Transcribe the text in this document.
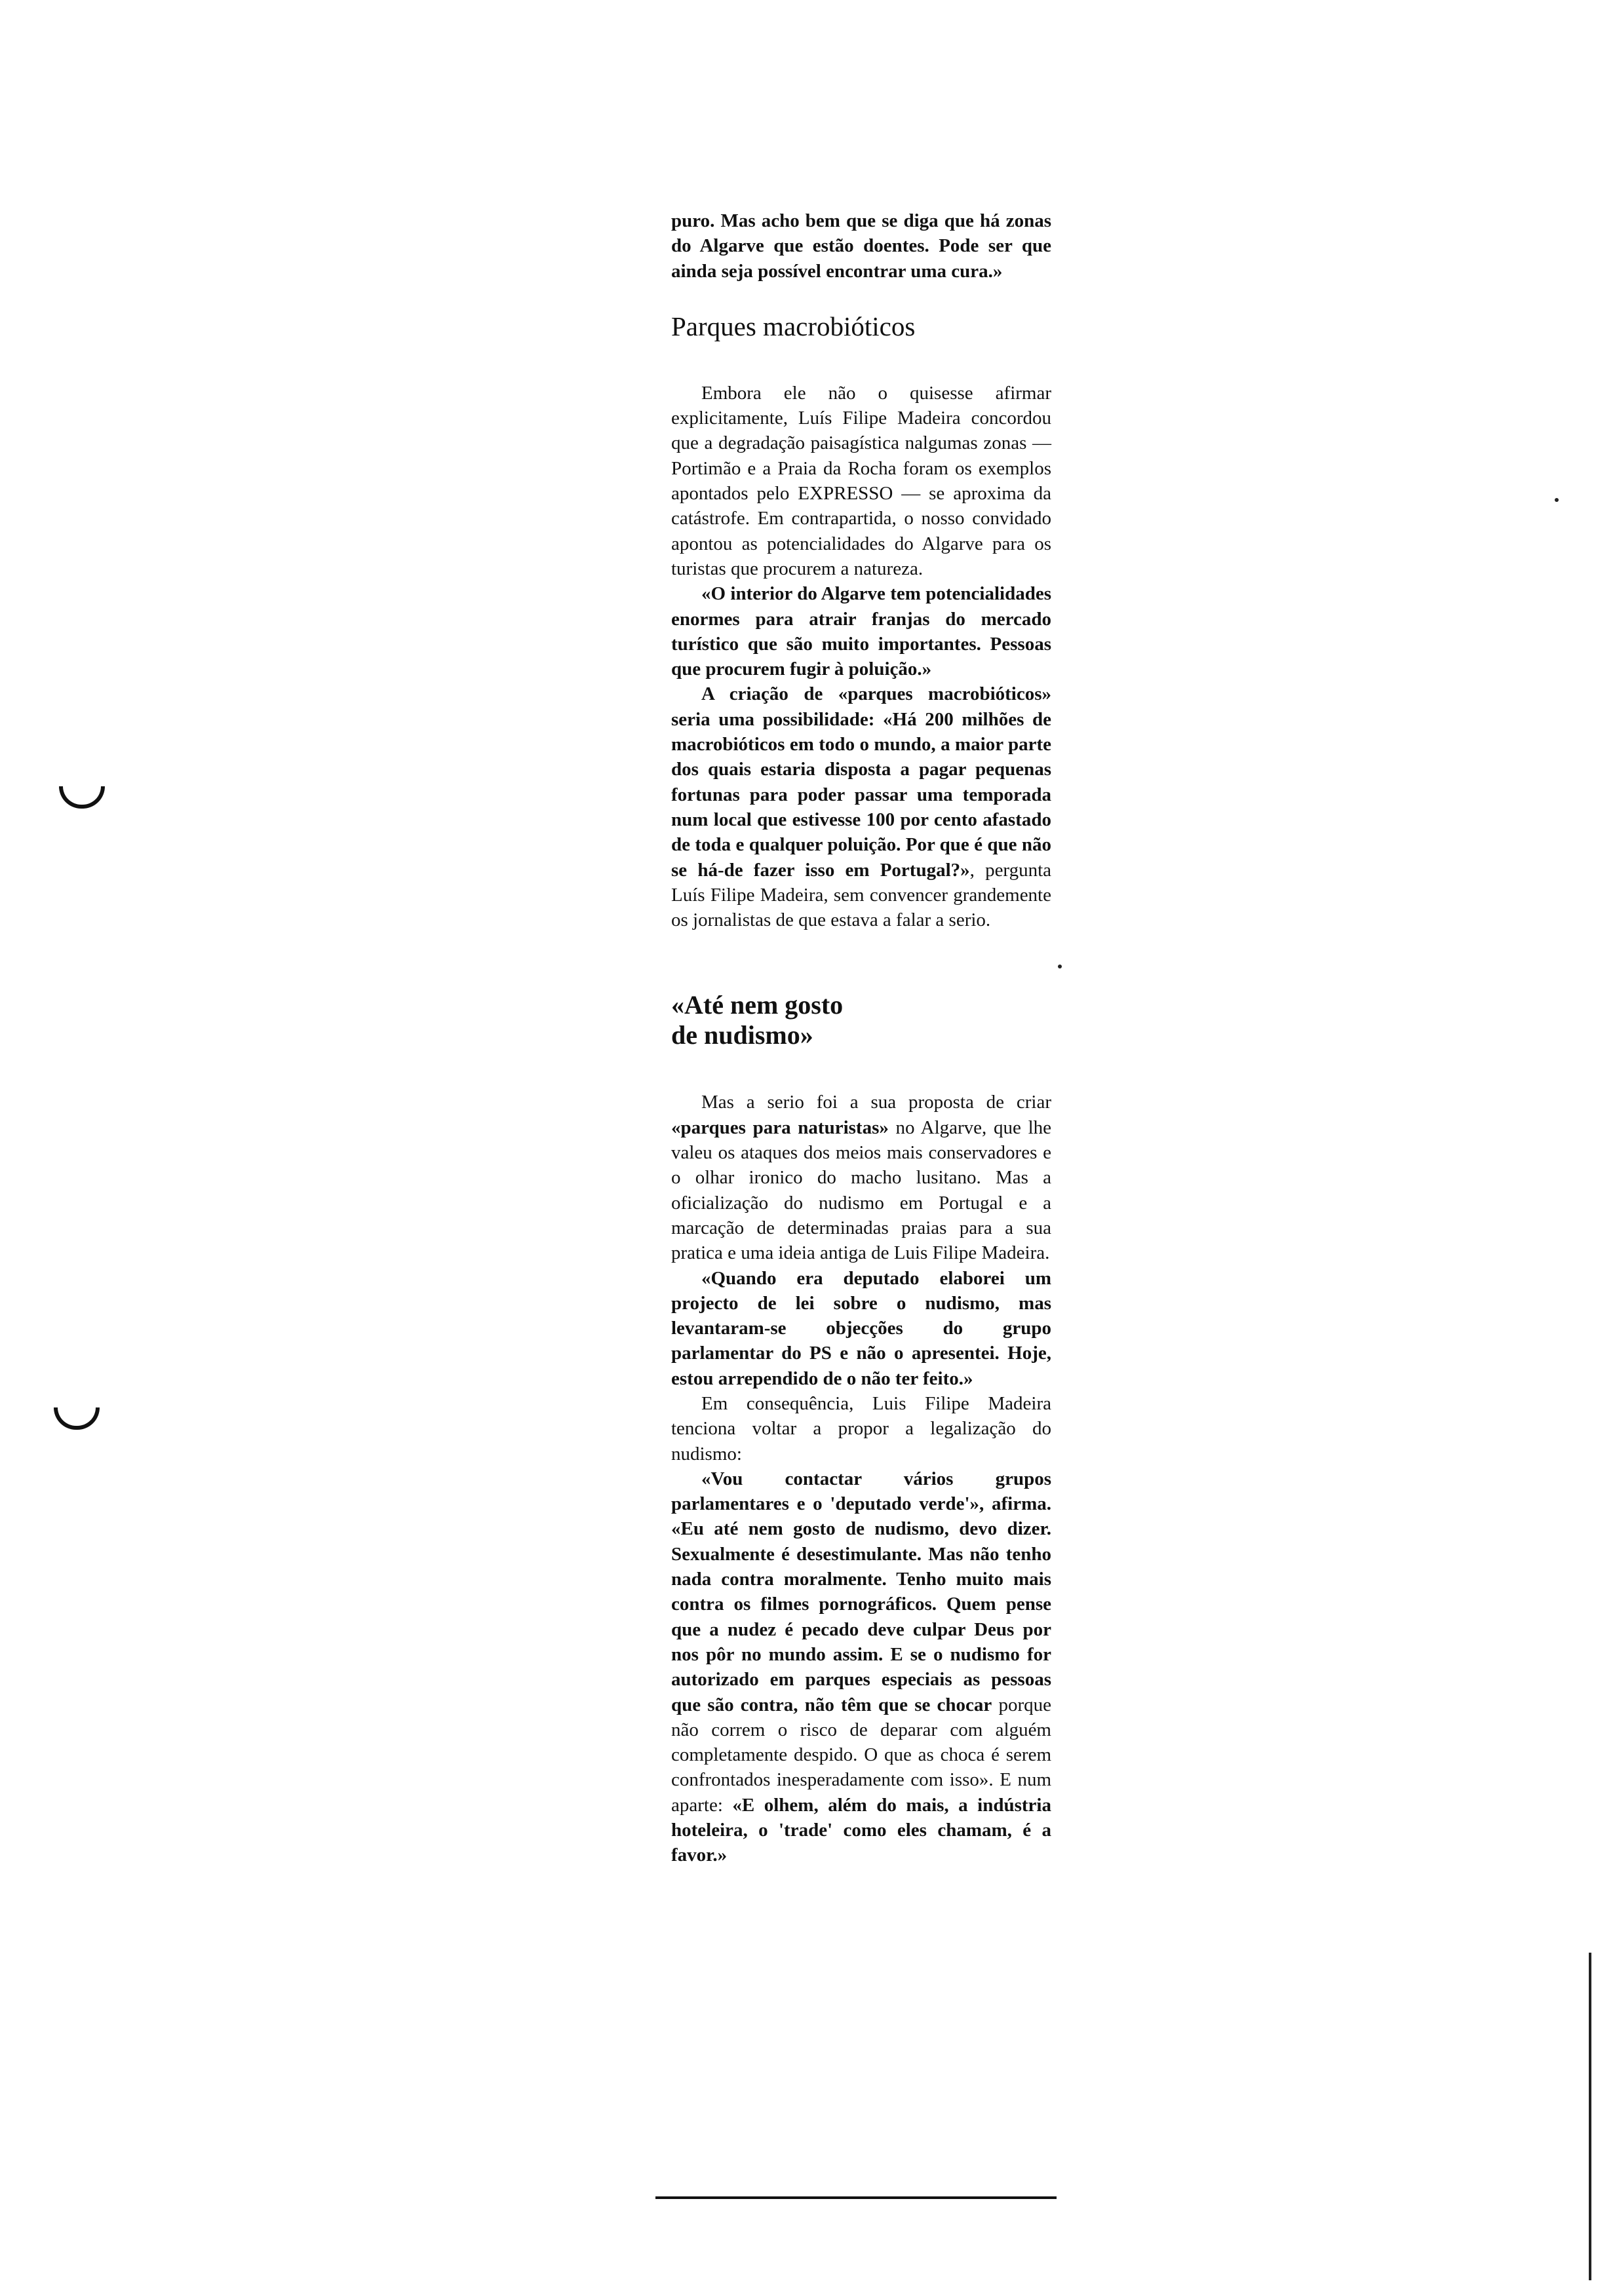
puro. Mas acho bem que se diga que há zonas do Algarve que estão doentes. Pode ser que ainda seja possível encontrar uma cura.»

Parques macrobióticos

Embora ele não o quisesse afirmar explicitamente, Luís Filipe Madeira concordou que a degradação paisagística nalgumas zonas — Portimão e a Praia da Rocha foram os exemplos apontados pelo EXPRESSO — se aproxima da catástrofe. Em contrapartida, o nosso convidado apontou as potencialidades do Algarve para os turistas que procurem a natureza.

«O interior do Algarve tem potencialidades enormes para atrair franjas do mercado turístico que são muito importantes. Pessoas que procurem fugir à poluição.»

A criação de «parques macrobióticos» seria uma possibilidade: «Há 200 milhões de macrobióticos em todo o mundo, a maior parte dos quais estaria disposta a pagar pequenas fortunas para poder passar uma temporada num local que estivesse 100 por cento afastado de toda e qualquer poluição. Por que é que não se há-de fazer isso em Portugal?», pergunta Luís Filipe Madeira, sem convencer grandemente os jornalistas de que estava a falar a serio.

«Até nem gosto
de nudismo»

Mas a serio foi a sua proposta de criar «parques para naturistas» no Algarve, que lhe valeu os ataques dos meios mais conservadores e o olhar ironico do macho lusitano. Mas a oficialização do nudismo em Portugal e a marcação de determinadas praias para a sua pratica e uma ideia antiga de Luis Filipe Madeira.

«Quando era deputado elaborei um projecto de lei sobre o nudismo, mas levantaram-se objecções do grupo parlamentar do PS e não o apresentei. Hoje, estou arrependido de o não ter feito.»

Em consequência, Luis Filipe Madeira tenciona voltar a propor a legalização do nudismo:

«Vou contactar vários grupos parlamentares e o 'deputado verde'», afirma. «Eu até nem gosto de nudismo, devo dizer. Sexualmente é desestimulante. Mas não tenho nada contra moralmente. Tenho muito mais contra os filmes pornográficos. Quem pense que a nudez é pecado deve culpar Deus por nos pôr no mundo assim. E se o nudismo for autorizado em parques especiais as pessoas que são contra, não têm que se chocar porque não correm o risco de deparar com alguém completamente despido. O que as choca é serem confrontados inesperadamente com isso». E num aparte: «E olhem, além do mais, a indústria hoteleira, o 'trade' como eles chamam, é a favor.»
